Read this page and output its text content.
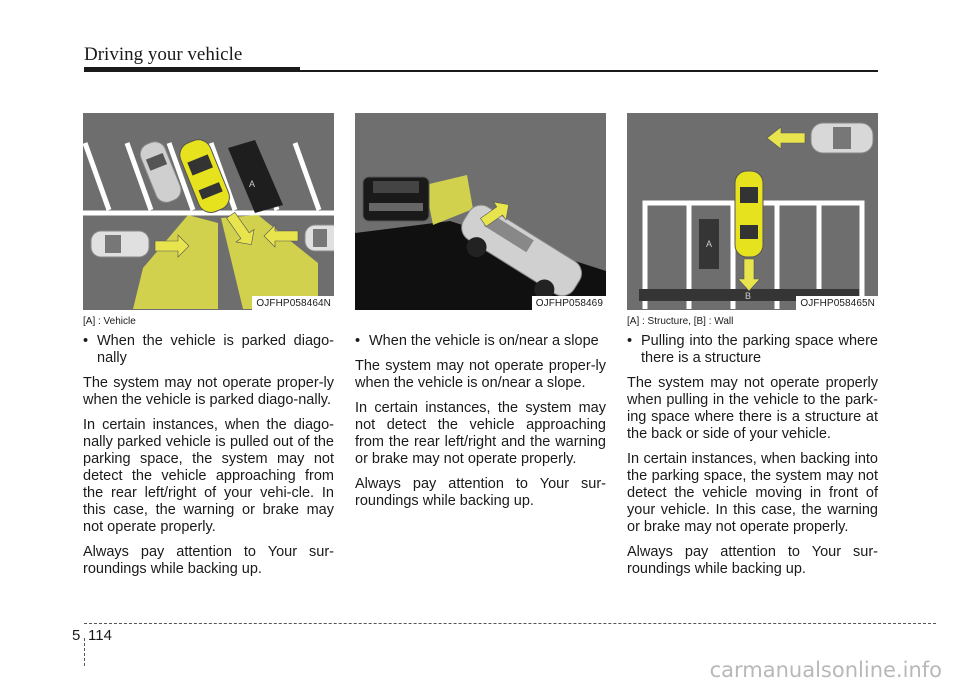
Driving your vehicle
A
OJFHP058464N	OJFHP058469
A
B
OJFHP058465N
[A] : Vehicle
• When the vehicle is parked diago-nally

The system may not operate proper-ly when the vehicle is parked diago-nally.

In certain instances, when the diago-nally parked vehicle is pulled out of the parking space, the system may not detect the vehicle approaching from the rear left/right of your vehi-cle. In this case, the warning or brake may not operate properly.

Always pay attention to Your sur-roundings while backing up.

• When the vehicle is on/near a slope

The system may not operate proper-ly when the vehicle is on/near a slope.

In certain instances, the system may not detect the vehicle approaching from the rear left/right and the warning or brake may not operate properly.

Always pay attention to Your sur-roundings while backing up.

[A] : Structure, [B] : Wall
• Pulling into the parking space where there is a structure

The system may not operate properly when pulling in the vehicle to the park-ing space where there is a structure at the back or side of your vehicle.

In certain instances, when backing into the parking space, the system may not detect the vehicle moving in front of your vehicle. In this case, the warning or brake may not operate properly.

Always pay attention to Your sur-roundings while backing up.

5 114
carmanualsonline.info
